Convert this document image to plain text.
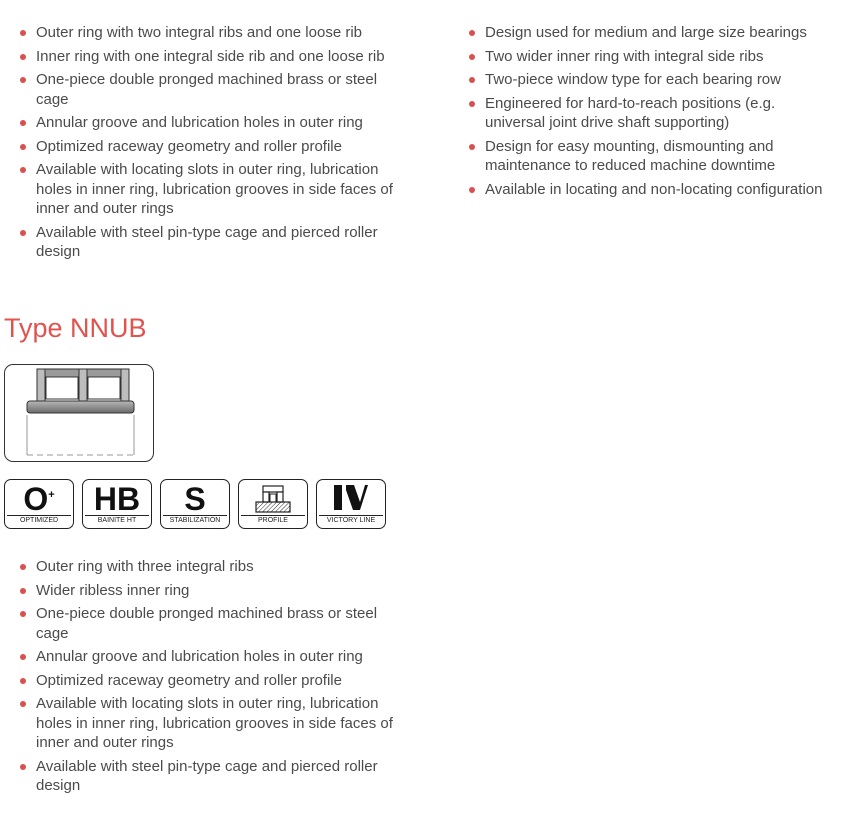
Outer ring with two integral ribs and one loose rib
Inner ring with one integral side rib and one loose rib
One-piece double pronged machined brass or steel cage
Annular groove and lubrication holes in outer ring
Optimized raceway geometry and roller profile
Available with locating slots in outer ring, lubrication holes in inner ring, lubrication grooves in side faces of inner and outer rings
Available with steel pin-type cage and pierced roller design
Design used for medium and large size bearings
Two wider inner ring with integral side ribs
Two-piece window type for each bearing row
Engineered for hard-to-reach positions (e.g. universal joint drive shaft supporting)
Design for easy mounting, dismounting and maintenance to reduced machine downtime
Available in locating and non-locating configuration
Type NNUB
O+
OPTIMIZED
HB
BAINITE HT
S
STABILIZATION	PROFILE	VICTORY LINE
Outer ring with three integral ribs
Wider ribless inner ring
One-piece double pronged machined brass or steel cage
Annular groove and lubrication holes in outer ring
Optimized raceway geometry and roller profile
Available with locating slots in outer ring, lubrication holes in inner ring, lubrication grooves in side faces of inner and outer rings
Available with steel pin-type cage and pierced roller design
